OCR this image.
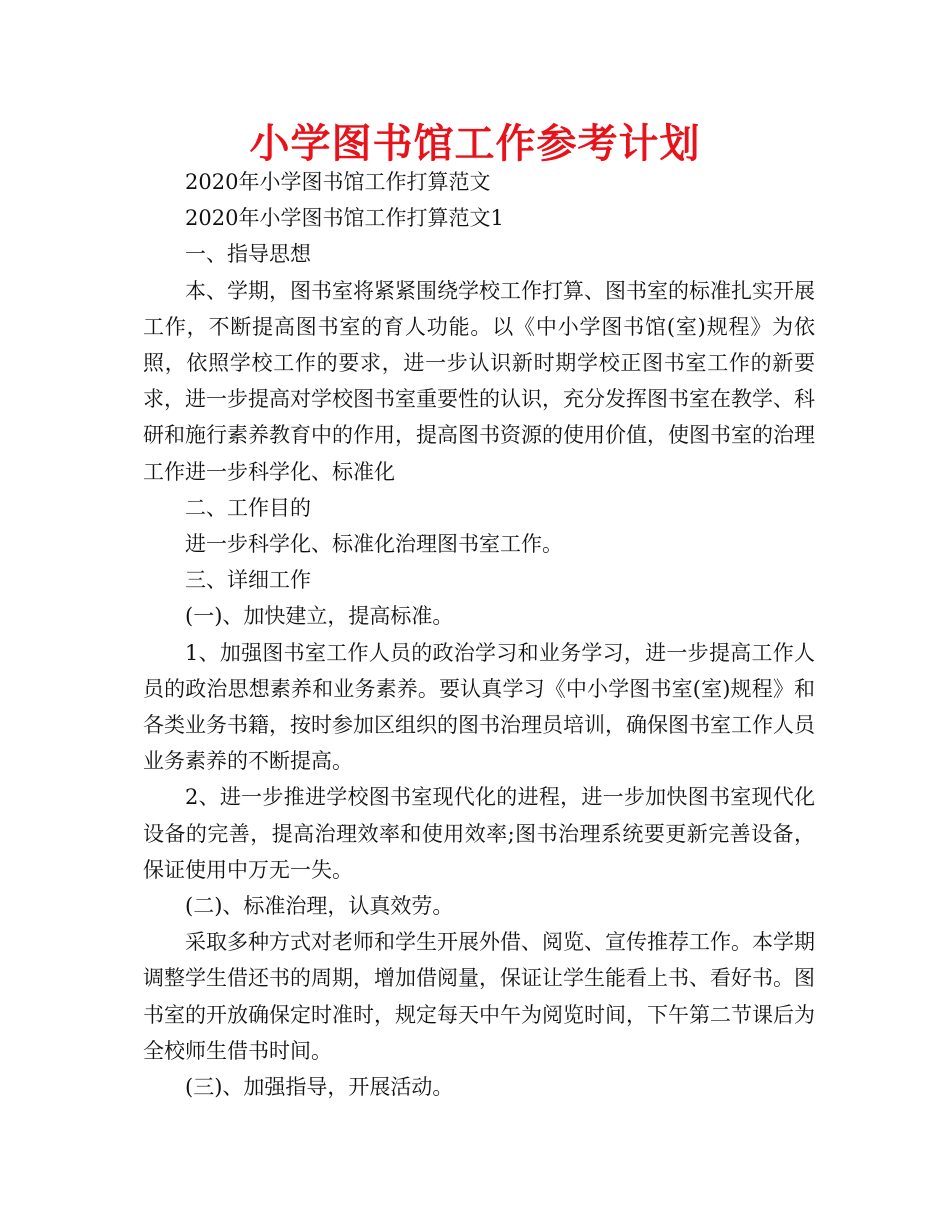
小学图书馆工作参考计划

2020年小学图书馆工作打算范文

2020年小学图书馆工作打算范文1

一、指导思想

本、学期，图书室将紧紧围绕学校工作打算、图书室的标准扎实开展工作，不断提高图书室的育人功能。以《中小学图书馆(室)规程》为依照，依照学校工作的要求，进一步认识新时期学校正图书室工作的新要求，进一步提高对学校图书室重要性的认识，充分发挥图书室在教学、科研和施行素养教育中的作用，提高图书资源的使用价值，使图书室的治理工作进一步科学化、标准化

二、工作目的

进一步科学化、标准化治理图书室工作。

三、详细工作

(一)、加快建立，提高标准。

1、加强图书室工作人员的政治学习和业务学习，进一步提高工作人员的政治思想素养和业务素养。要认真学习《中小学图书室(室)规程》和各类业务书籍，按时参加区组织的图书治理员培训，确保图书室工作人员业务素养的不断提高。

2、进一步推进学校图书室现代化的进程，进一步加快图书室现代化设备的完善，提高治理效率和使用效率;图书治理系统要更新完善设备，保证使用中万无一失。

(二)、标准治理，认真效劳。

采取多种方式对老师和学生开展外借、阅览、宣传推荐工作。本学期调整学生借还书的周期，增加借阅量，保证让学生能看上书、看好书。图书室的开放确保定时准时，规定每天中午为阅览时间，下午第二节课后为全校师生借书时间。

(三)、加强指导，开展活动。
